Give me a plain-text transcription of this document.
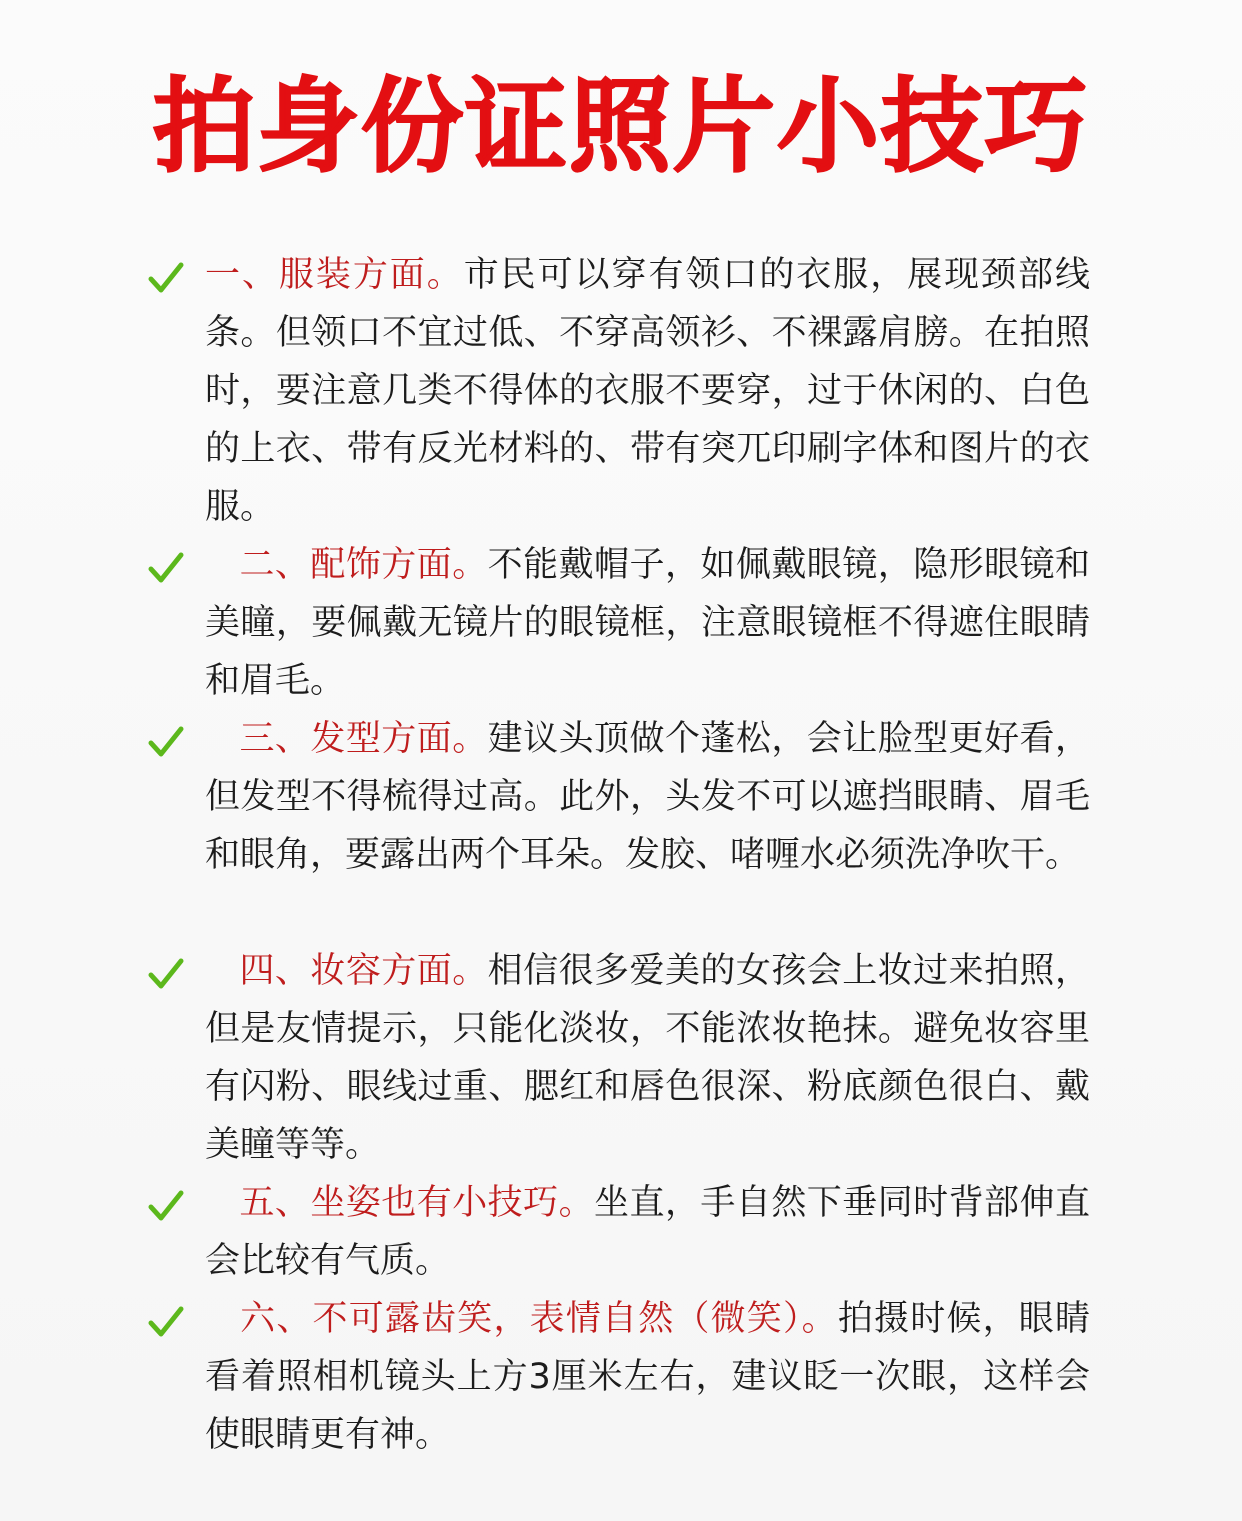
拍身份证照片小技巧
一、服装方面。市民可以穿有领口的衣服，展现颈部线条。但领口不宜过低、不穿高领衫、不裸露肩膀。在拍照时，要注意几类不得体的衣服不要穿，过于休闲的、白色的上衣、带有反光材料的、带有突兀印刷字体和图片的衣服。
二、配饰方面。不能戴帽子，如佩戴眼镜，隐形眼镜和美瞳，要佩戴无镜片的眼镜框，注意眼镜框不得遮住眼睛和眉毛。
三、发型方面。建议头顶做个蓬松，会让脸型更好看，但发型不得梳得过高。此外，头发不可以遮挡眼睛、眉毛和眼角，要露出两个耳朵。发胶、啫喱水必须洗净吹干。
四、妆容方面。相信很多爱美的女孩会上妆过来拍照，但是友情提示，只能化淡妆，不能浓妆艳抹。避免妆容里有闪粉、眼线过重、腮红和唇色很深、粉底颜色很白、戴美瞳等等。
五、坐姿也有小技巧。坐直，手自然下垂同时背部伸直会比较有气质。
六、不可露齿笑，表情自然（微笑）。拍摄时候，眼睛看着照相机镜头上方3厘米左右，建议眨一次眼，这样会使眼睛更有神。
